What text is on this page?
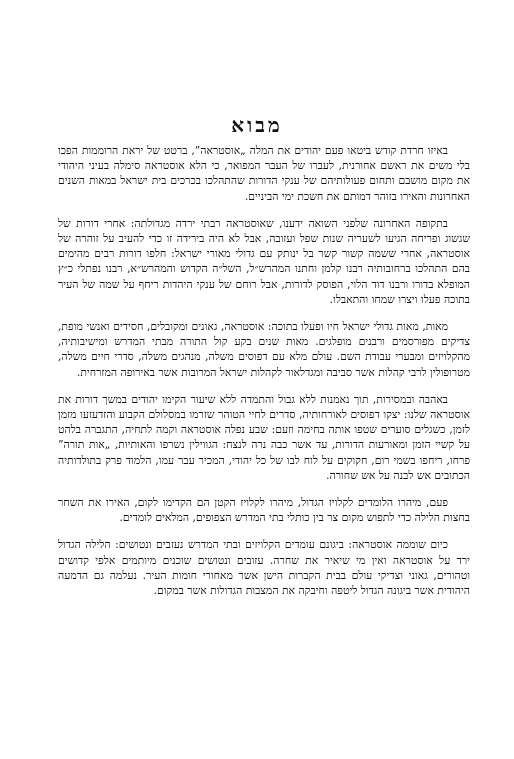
מבוא

באיזו חרדת קודש ביטאו פעם יהודים את המלה „אוסטראה”, ברטט של יראת הרוממות הפכו בלי משים את ראשם אחורנית, לעברו של העבר המפואר, כי הלא אוסטראה סימלה בעיני היהודי את מקום מושבם ותחום פעולותיהם של ענקי הדורות שהתהלכו בכרכים בית ישראל במאות השנים האחרונות והאירו בזוהר דמותם את חשכת ימי הביניים.

בתקופה האחרונה שלפני השואה ידענו, שאוסטראה רבתי ירדה מגדולתה: אחרי דורות של שגשוג ופריחה הגיעו לשעריה שנות שפל ועזובה, אבל לא היה בירידה זו כדי להעיב על זוהרה של אוסטראה, אחרי ששמה קשור קשר בל ינותק עם גדולי מאורי ישראל: חלפו דורות רבים מהימים בהם התהלכו ברחובותיה רבנו קלמן וחתנו המהרש״ל, השל״ה הקדוש והמהרש״א, רבנו נפתלי כ״ץ המופלא בדורו ורבנו דוד הלוי, הפוסק לדורות, אבל רוחם של ענקי היהדות ריחף על שמה של העיר בתוכה פעלו ויצרו שמחו והתאבלו.

מאות, מאות גדולי ישראל חיו ופעלו בתוכה: אוסטראה, גאונים ומקובלים, חסידים ואנשי מופת, צדיקים מפורסמים ורבנים מופלגים. מאות שנים בקע קול התורה מבתי המדרש ומישיבותיה, מהקלויזים ומבערי עבודת השם. עולם מלא עם דפוסים משלה, מנהגים משלה, סדרי חיים משלה, מטרופולין לרבי קהלות אשר סביבה ומגדלאור לקהלות ישראל המרובות אשר באירופה המזרחית.

באהבה ובמסירות, תוך נאמנות ללא גבול והתמדה ללא שיעור הקימו יהודים במשך דורות את אוסטראה שלנו: יצקו דפוסים לאורחותיה, סדרים לחיי הטוהר שזרמו במסלולם הקבוע והזדעזעו מזמן לזמן, כשגלים סוערים שטפו אותה בחימה וזעם: שבע נפלה אוסטראה וקמה לתחיה, התגברה בלהט על קשיי הזמן ומאורעות הדורות, עד אשר כבה נרה לנצח: הגווילין נשרפו והאותיות, „אות תורה” פרחו, ריחפו בשמי רום, חקוקים על לוח לבו של כל יהודי, המכיר עבר עמו, הלמוד פרק בתולדותיה הכתובים אש לבנה על אש שחורה.

פעם, מיהרו הלומדים לקלויז הגדול, מיהרו לקלויז הקטן הם הקדימו לקום, האירו את השחר בחצות הלילה כדי לתפוש מקום צר בין כותלי בתי המדרש הצפופים, המלאים לומדים.

כיום שוממה אוסטראה: ביגונם עומדים הקלויזים ובתי המדרש נעזבים ונטושים: הלילה הגדול ירד על אוסטראה ואין מי שיאיר את שחרה. עזובים ונטושים שוכנים מיותמים אלפי קדושים וטהורים, גאוני וצדיקי עולם בבית הקברות הישן אשר מאחורי חומות העיר. נעלמה גם הדמעה היהודית אשר ביגונה הגדול ליטפה וחיבקה את המצבות הגדולות אשר במקום.
